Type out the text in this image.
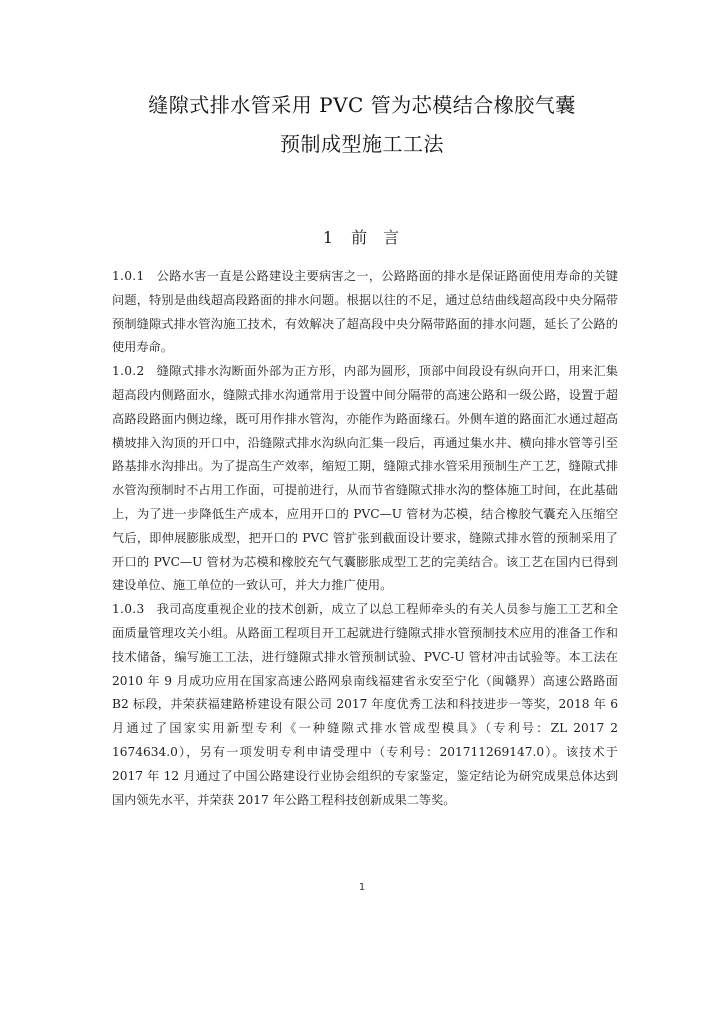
缝隙式排水管采用 PVC 管为芯模结合橡胶气囊
预制成型施工工法
1 前 言

1.0.1 公路水害一直是公路建设主要病害之一，公路路面的排水是保证路面使用寿命的关键问题，特别是曲线超高段路面的排水问题。根据以往的不足，通过总结曲线超高段中央分隔带预制缝隙式排水管沟施工技术，有效解决了超高段中央分隔带路面的排水问题，延长了公路的使用寿命。

1.0.2 缝隙式排水沟断面外部为正方形，内部为圆形，顶部中间段设有纵向开口，用来汇集超高段内侧路面水，缝隙式排水沟通常用于设置中间分隔带的高速公路和一级公路，设置于超高路段路面内侧边缘，既可用作排水管沟，亦能作为路面缘石。外侧车道的路面汇水通过超高横坡排入沟顶的开口中，沿缝隙式排水沟纵向汇集一段后，再通过集水井、横向排水管等引至路基排水沟排出。为了提高生产效率，缩短工期，缝隙式排水管采用预制生产工艺，缝隙式排水管沟预制时不占用工作面，可提前进行，从而节省缝隙式排水沟的整体施工时间，在此基础上，为了进一步降低生产成本，应用开口的 PVC—U 管材为芯模，结合橡胶气囊充入压缩空气后，即伸展膨胀成型，把开口的 PVC 管扩张到截面设计要求，缝隙式排水管的预制采用了开口的 PVC—U 管材为芯模和橡胶充气气囊膨胀成型工艺的完美结合。该工艺在国内已得到建设单位、施工单位的一致认可，并大力推广使用。

1.0.3 我司高度重视企业的技术创新，成立了以总工程师牵头的有关人员参与施工工艺和全面质量管理攻关小组。从路面工程项目开工起就进行缝隙式排水管预制技术应用的准备工作和技术储备，编写施工工法，进行缝隙式排水管预制试验、PVC-U 管材冲击试验等。本工法在 2010 年 9 月成功应用在国家高速公路网泉南线福建省永安至宁化（闽赣界）高速公路路面 B2 标段，并荣获福建路桥建设有限公司 2017 年度优秀工法和科技进步一等奖，2018 年 6 月通过了国家实用新型专利《一种缝隙式排水管成型模具》（专利号：ZL 2017 2 1674634.0），另有一项发明专利申请受理中（专利号：201711269147.0）。该技术于 2017 年 12 月通过了中国公路建设行业协会组织的专家鉴定，鉴定结论为研究成果总体达到国内领先水平，并荣获 2017 年公路工程科技创新成果二等奖。

1
